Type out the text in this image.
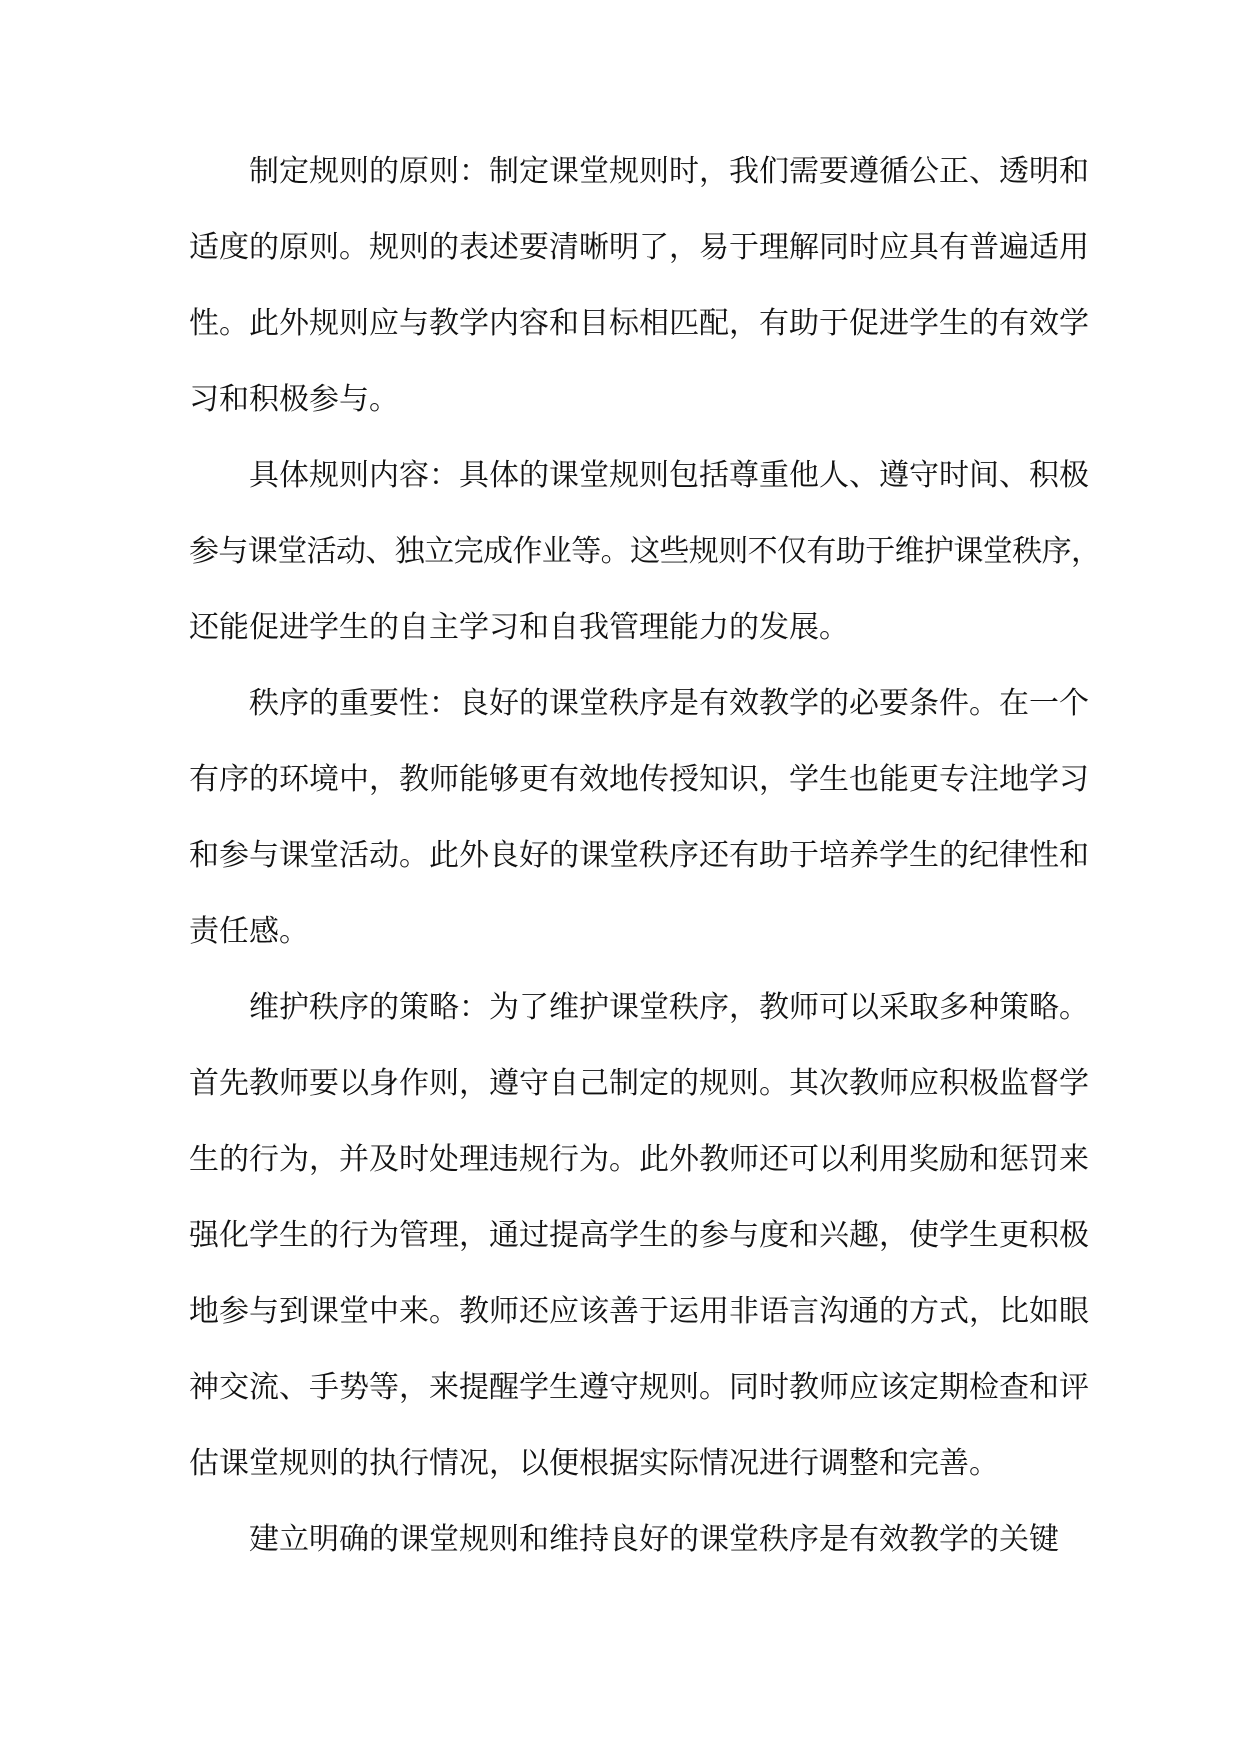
制定规则的原则：制定课堂规则时，我们需要遵循公正、透明和
适度的原则。规则的表述要清晰明了，易于理解同时应具有普遍适用
性。此外规则应与教学内容和目标相匹配，有助于促进学生的有效学
习和积极参与。
具体规则内容：具体的课堂规则包括尊重他人、遵守时间、积极
参与课堂活动、独立完成作业等。这些规则不仅有助于维护课堂秩序，
还能促进学生的自主学习和自我管理能力的发展。
秩序的重要性：良好的课堂秩序是有效教学的必要条件。在一个
有序的环境中，教师能够更有效地传授知识，学生也能更专注地学习
和参与课堂活动。此外良好的课堂秩序还有助于培养学生的纪律性和
责任感。
维护秩序的策略：为了维护课堂秩序，教师可以采取多种策略。
首先教师要以身作则，遵守自己制定的规则。其次教师应积极监督学
生的行为，并及时处理违规行为。此外教师还可以利用奖励和惩罚来
强化学生的行为管理，通过提高学生的参与度和兴趣，使学生更积极
地参与到课堂中来。教师还应该善于运用非语言沟通的方式，比如眼
神交流、手势等，来提醒学生遵守规则。同时教师应该定期检查和评
估课堂规则的执行情况，以便根据实际情况进行调整和完善。
建立明确的课堂规则和维持良好的课堂秩序是有效教学的关键
